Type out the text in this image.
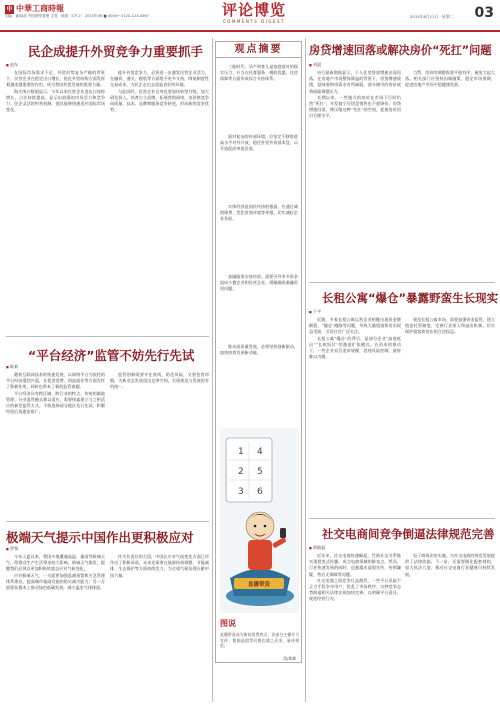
中 中華工商時報
国际：新闻部 中国网络管理 主管：联系（CP-1） 2015年06 ■ 4000+ 0120-123-4567	评论博览
COMMENTS DIGEST
2015年8月11日 · 星期二 03
民企成提升外贸竞争力重要抓手
■ 赵东

在国际市场需求不足、外贸形势复杂严峻的背景下，民营企业在稳定出口增长、优化外贸结构方面发挥着越来越重要的作用，成为我国外贸发展的重要力量。

海关统计数据显示，今年以来民营企业进出口保持增长，占比持续提高，显示出较强的市场活力和竞争力。民企灵活的经营机制，使其能够快速适应国际市场变化。

提升外贸竞争力，必须进一步激发民营企业活力，在融资、通关、税收等方面给予更多支持，降低制度性交易成本，为民企走出去创造良好的环境。

与此同时，民营企业自身也要加快转型升级，加大研发投入，培育自主品牌，拓展营销网络，由价格竞争向质量、技术、品牌和服务竞争转变，形成新的竞争优势。

“平台经济”监管不妨先行先试
■ 陈新

随着互联网技术的快速发展，以网络平台为依托的平台经济蓬勃兴起，在促进消费、创造就业等方面发挥了积极作用，同时也带来了新的监管难题。

平台经济具有跨区域、跨行业的特点，传统的属地管理、分业监管模式难以适应，需要探索建立与之相适应的新型监管方式。不妨选择部分地区先行先试，积累经验后再逐步推广。

监管创新既要守住底线，防范风险，又要包容审慎，为新业态发展留出足够空间，实现规范与发展的有机统一。

极端天气提示中国作出更积极应对
■ 罗黎

今年入夏以来，我国多地遭遇高温、暴雨等极端天气，给群众生产生活带来较大影响。极端天气频发，提醒我们必须以更加积极的姿态应对气候变化。

应对极端天气，一方面要加强监测预警和应急管理体系建设，提高城市基础设施的防灾减灾能力；另一方面要从根本上推动绿色低碳发展，减少温室气体排放。

作为负责任的大国，中国在应对气候变化方面已经作出了积极承诺，未来还需要在能源结构调整、节能减排、生态保护等方面持续发力，为全球气候治理贡献中国力量。

观点摘要

三胎时代，孕产和育儿是家庭面对的现实压力，应当在托育服务、税收优惠、住房保障等方面形成综合支持体系。

面对复杂的外部环境，应坚定不移推进高水平对外开放，稳住外贸外资基本盘，以开放促改革促发展。

实体经济是国民经济的根基，应通过减税降费、优化营商环境等举措，切实减轻企业负担。

金融服务实体经济，需要引导更多资金流向小微企业和民营企业，缓解融资难融资贵问题。

推动高质量发展，必须坚持创新驱动，加快培育发展新动能。

1 4
2 5
3 6
直播带货
图说

直播带货成为新的消费热点，但部分主播夸大宣传、数据造假等问题也随之而来，亟待规范。

图/郑峰
房贷增速回落或解决房价“死扛”问题
■ 刘晨

央行最新数据显示，个人住房贷款增速出现回落。在房地产市场整体降温的背景下，房贷增速放缓，意味着购房需求有所减弱，部分城市的房价或将面临调整压力。

长期以来，一些地方的房价在市场下行时仍然“死扛”，开发商宁可捂盘惜售也不愿降价。房贷增速回落，将压缩这种“死扛”的空间，促使房价回归合理水平。

当然，房价的调整需要平稳有序，避免大起大落。相关部门应坚持因城施策，稳定市场预期，促进房地产市场平稳健康发展。

长租公寓“爆仓”暴露野蛮生长现实
■ 于平

近期，多家长租公寓运营企业相继出现资金链断裂、“爆仓”跑路等问题，导致大量租客和房东权益受损，引发社会广泛关注。

长租公寓“爆仓”的背后，是部分企业“高进低出”“长收短付”的激进扩张模式。在资本的推动下，一些企业盲目追求规模，忽视风险控制，最终难以为继。

规范长租公寓市场，需要加强资金监管，建立租金托管制度，完善行业准入和退出机制，切实保护租客和房东的合法权益。

社交电商间竞争倒逼法律规范完善
■ 胡晓磊

近年来，社交电商快速崛起，凭借社交关系链实现裂变式传播，成为电商领域的新亮点。然而，行业快速发展的同时，也暴露出虚假宣传、传销嫌疑、售后无保障等问题。

社交电商之间竞争日益激烈，一些平台采取不正当手段争夺用户，扰乱了市场秩序。这种竞争态势倒逼相关法律法规加快完善，以明确平台责任、规范经营行为。

电子商务法的实施，为社交电商的规范发展提供了法律依据。下一步，还需要细化配套规则，加大执法力度，推动社交电商行业健康可持续发展。
